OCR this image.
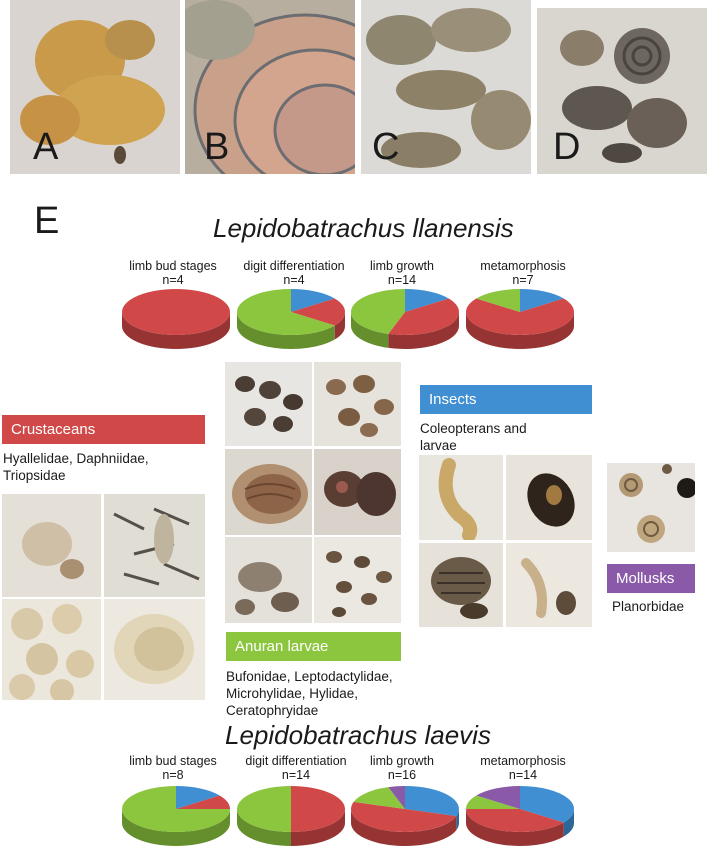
A	B	C	D
E	Lepidobatrachus llanensis
limb bud stages
n=4
digit differentiation
n=4
limb growth
n=14
metamorphosis
n=7
Crustaceans
Hyallelidae, Daphniidae, Triopsidae
Anuran larvae
Bufonidae, Leptodactylidae, Microhylidae, Hylidae, Ceratophryidae
Insects
Coleopterans and larvae
Mollusks
Planorbidae
Lepidobatrachus laevis
limb bud stages
n=8
digit differentiation
n=14
limb growth
n=16
metamorphosis
n=14
